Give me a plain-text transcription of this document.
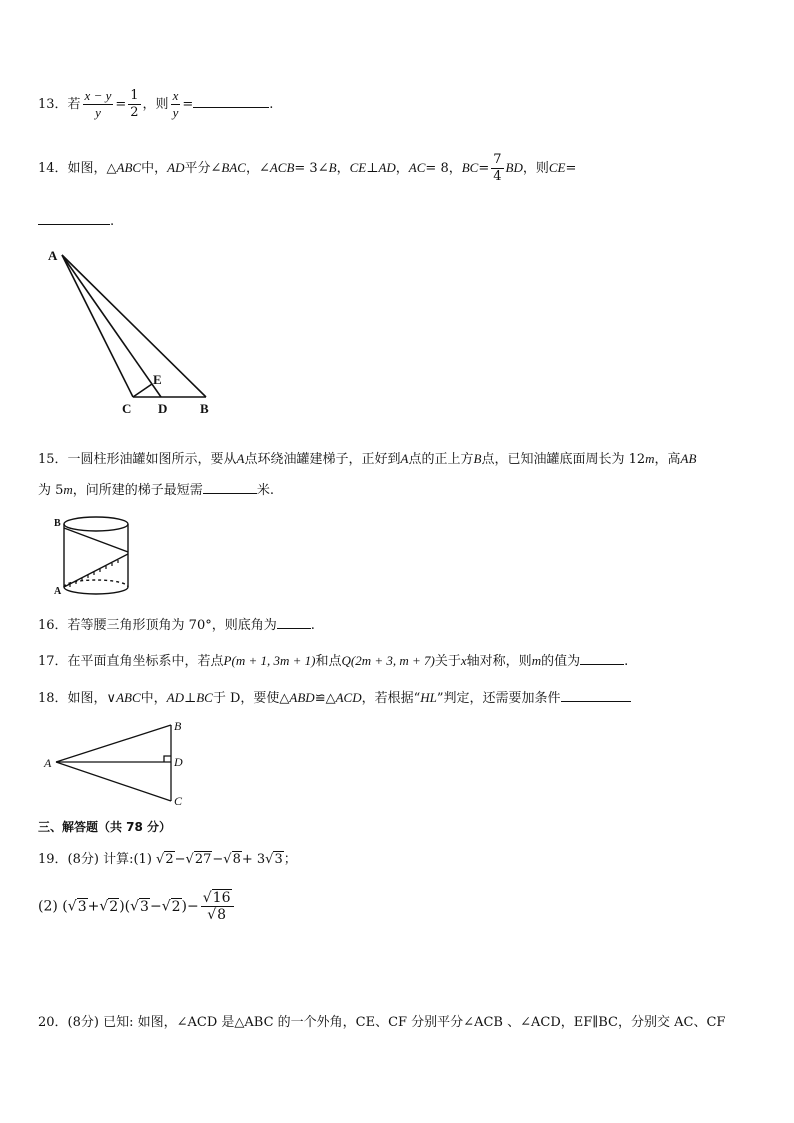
13．若 $\frac{x - y}{y} = \frac{1}{2}$ ，则 $\frac{x}{y}$ =	.
14．如图，△ABC中，AD平分∠BAC，∠ACB= 3∠B，CE⊥AD，AC= 8，$BC= \frac{7}{4}$ BD，则CE=
.
A
E
C D	B
15．一圆柱形油罐如图所示，要从A点环绕油罐建梯子，正好到A点的正上方B点，已知油罐底面周长为 12m，高AB
为 5m，问所建的梯子最短需	米.
B
A
16．若等腰三角形顶角为 70°，则底角为	.
17．在平面直角坐标系中，若点P(m + 1, 3m + 1)和点Q(2m + 3, m + 7)关于x轴对称，则m的值为	.
18．如图，∨ABC中，AD⊥BC于 D，要使△ABD≌△ACD，若根据“HL”判定，还需要加条件
A
B
D
C
三、解答题（共 78 分）
19．(8分) 计算:(1) √2−√27−√8+ 3√3；
(2) $(√3+√2)(√3-√2)- \frac{√16}{√8}$
20．(8分) 已知: 如图，∠ACD 是△ABC 的一个外角，CE、CF 分别平分∠ACB 、∠ACD，EF∥BC，分别交 AC、CF
